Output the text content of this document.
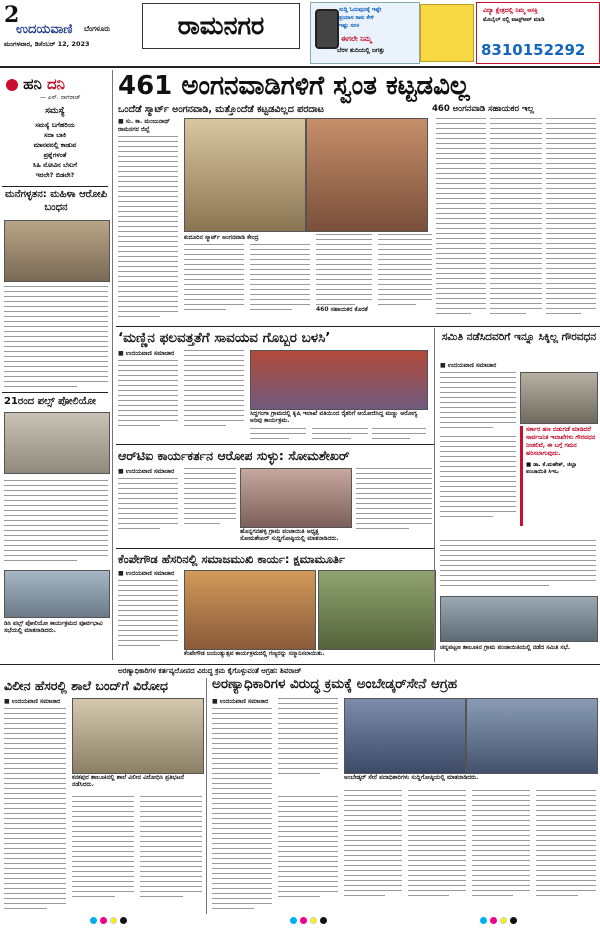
2
ಉದಯವಾಣಿ ಬೆಂಗಳೂರು
ಮಂಗಳವಾರ, ಡಿಸೆಂಬರ್ 12, 2023
ರಾಮನಗರ
ಸುದ್ದಿ ಓದುವುದಕ್ಕೆ ಇಷ್ಟೇ
ಪ್ರಯಾಸ ಸಾಕು ಕೇಳಿ
ಇಷ್ಟು ಸರಳ
ಈಗಲೇ ನಿಮ್ಮ
ಬೆರಳ ತುದಿಯಲ್ಲಿ ಜಗತ್ತು
ವಿದ್ಯಾ ಕ್ಷೇತ್ರದಲ್ಲಿ ನಿಮ್ಮ ಆಸಕ್ತಿ
ಮೊಬೈಲ್ ನಲ್ಲಿ ವಾಟ್ಸ್ಆಪ್ ಮಾಡಿ
8310152292
ಹನಿ ದನಿ
— ಎಸ್. ನಾಗರಾಜ್
ಸಮಸ್ಯೆ
ಸಮಸ್ಯೆ ಬಗೆಹರಿಯ
ಸದಾ ಬಾಕಿ
ಮಾನವನಲ್ಲಿ ಕಾಡುವ
ಪ್ರಶ್ನೆಗಳಂತೆ
ಸಿಹಿ ನೋವಿನ ಬೆಸುಗೆ
ಇರಲೇ? ಬಿಡಲೇ?
ಮನೆಗಳ್ಳತನ: ಮಹಿಳಾ ಆರೋಪಿ ಬಂಧನ
21ರಂದ ಪಲ್ಸ್ ಪೋಲಿಯೋ
ಡಿಸಿ ಪಲ್ಸ್ ಪೋಲಿಯೋ ಕಾರ್ಯಕ್ರಮದ ಪೂರ್ವಭಾವಿ ಸಭೆಯಲ್ಲಿ ಮಾತನಾಡಿದರು.
461 ಅಂಗನವಾಡಿಗಳಿಗೆ ಸ್ವಂತ ಕಟ್ಟಡವಿಲ್ಲ
ಒಂದೆಡೆ ಸ್ಮಾರ್ಟ್ ಅಂಗನವಾಡಿ, ಮತ್ತೊಂದೆಡೆ ಕಟ್ಟಡವಿಲ್ಲದ ಪರದಾಟ	460 ಅಂಗನವಾಡಿ ಸಹಾಯಕರ ಇಲ್ಲ
■ ಸು. ಕಾ. ಮಂಜುನಾಥ್
ರಾಮನಗರ ಜಿಲ್ಲೆ
ಕುದೂರಿನ ಸ್ಮಾರ್ಟ್ ಅಂಗನವಾಡಿ ಕೇಂದ್ರ
460 ಸಹಾಯಕರ ಕೊರತೆ
‘ಮಣ್ಣಿನ ಫಲವತ್ತತೆಗೆ ಸಾವಯವ ಗೊಬ್ಬರ ಬಳಸಿ’
■ ಉದಯವಾಣಿ ಸಮಾಚಾರ
ಸಿದ್ದಗಂಗಾ ಗ್ರಾಮದಲ್ಲಿ ಕೃಷಿ ಇಲಾಖೆ ವತಿಯಿಂದ ರೈತರಿಗೆ ಆಯೋಜಿಸಿದ್ದ ಮಣ್ಣು ಆರೋಗ್ಯ ಅರಿವು ಕಾರ್ಯಕ್ರಮ.
ಆರ್‌ಟಿಐ ಕಾರ್ಯಕರ್ತನ ಆರೋಪ ಸುಳ್ಳು: ಸೋಮಶೇಖರ್
■ ಉದಯವಾಣಿ ಸಮಾಚಾರ
ಹೊನ್ನಗನಹಳ್ಳಿ ಗ್ರಾಮ ಪಂಚಾಯಿತಿ ಅಧ್ಯಕ್ಷ ಸೋಮಶೇಖರ್ ಸುದ್ದಿಗೋಷ್ಠಿಯಲ್ಲಿ ಮಾತನಾಡಿದರು.
ಕೆಂಪೇಗೌಡ ಹೆಸರಿನಲ್ಲಿ ಸಮಾಜಮುಖಿ ಕಾರ್ಯ: ಕ್ಷಮಾಮೂರ್ತಿ
■ ಉದಯವಾಣಿ ಸಮಾಚಾರ
ಕೆಂಪೇಗೌಡ ಜಯಂತ್ಯುತ್ಸವ ಕಾರ್ಯಕ್ರಮದಲ್ಲಿ ಗಣ್ಯರನ್ನು ಸನ್ಮಾನಿಸಲಾಯಿತು.
ಸಮಿತಿ ನಡೆಸಿದವರಿಗೆ ಇನ್ನೂ ಸಿಕ್ಕಿಲ್ಲ ಗೌರವಧನ
■ ಉದಯವಾಣಿ ಸಮಾಚಾರ
ಸರ್ಕಾರ ಹಣ ಬಿಡುಗಡೆ ಮಾಡಿದರೆ ಸಾರ್ವಜನಿಕ ಇಲಾಖೆಗಳು ಗೌರವಧನ ನೀಡಲಿವೆ, ಈ ಬಗ್ಗೆ ಗಮನ ಹರಿಸಲಾಗುವುದು.
■ ಡಾ. ಕೆ.ಮಹೇಶ್, ಜಿಲ್ಲಾ ಪಂಚಾಯಿತಿ ಸಿಇಒ
ಚನ್ನಪಟ್ಟಣ ತಾಲೂಕಿನ ಗ್ರಾಮ ಪಂಚಾಯಿತಿಯಲ್ಲಿ ನಡೆದ ಸಮಿತಿ ಸಭೆ.
ಅರಣ್ಯಾಧಿಕಾರಿಗಳ ಕರ್ತವ್ಯಲೋಪದ ವಿರುದ್ಧ ಕ್ರಮ ಕೈಗೊಳ್ಳುವಂತೆ ಆಗ್ರಹ: ಶಿವರಾಜ್
ವಿಲೀನ ಹೆಸರಲ್ಲಿ ಶಾಲೆ ಬಂದ್‌ಗೆ ವಿರೋಧ
■ ಉದಯವಾಣಿ ಸಮಾಚಾರ
ಕನಕಪುರ ತಾಲೂಕಿನಲ್ಲಿ ಶಾಲೆ ವಿಲೀನ ವಿರೋಧಿಸಿ ಪ್ರತಿಭಟನೆ ನಡೆಸಿದರು.
ಅರಣ್ಯಾಧಿಕಾರಿಗಳ ವಿರುದ್ಧ ಕ್ರಮಕ್ಕೆ ಅಂಬೇಡ್ಕರ್‌ಸೇನೆ ಆಗ್ರಹ
■ ಉದಯವಾಣಿ ಸಮಾಚಾರ
ಅಂಬೇಡ್ಕರ್ ಸೇನೆ ಪದಾಧಿಕಾರಿಗಳು ಸುದ್ದಿಗೋಷ್ಠಿಯಲ್ಲಿ ಮಾತನಾಡಿದರು.
